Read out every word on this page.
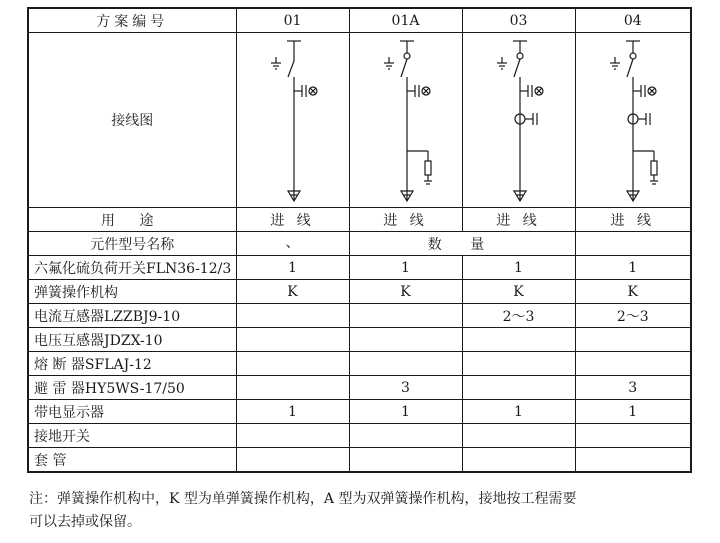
方案编号	01	01A	03	04
接线图	

用 途	进 线	进 线	进 线	进 线
元件型号名称	、	数 量		
六氟化硫负荷开关FLN36-12/3	1	1	1	1
弹簧操作机构	K	K	K	K
电流互感器LZZBJ9-10			2～3	2～3
电压互感器JDZX-10				
熔 断 器SFLAJ-12				
避 雷 器HY5WS-17/50		3		3
带电显示器	1	1	1	1
接地开关				
套 管				
注：弹簧操作机构中，K 型为单弹簧操作机构，A 型为双弹簧操作机构，接地按工程需要
可以去掉或保留。
